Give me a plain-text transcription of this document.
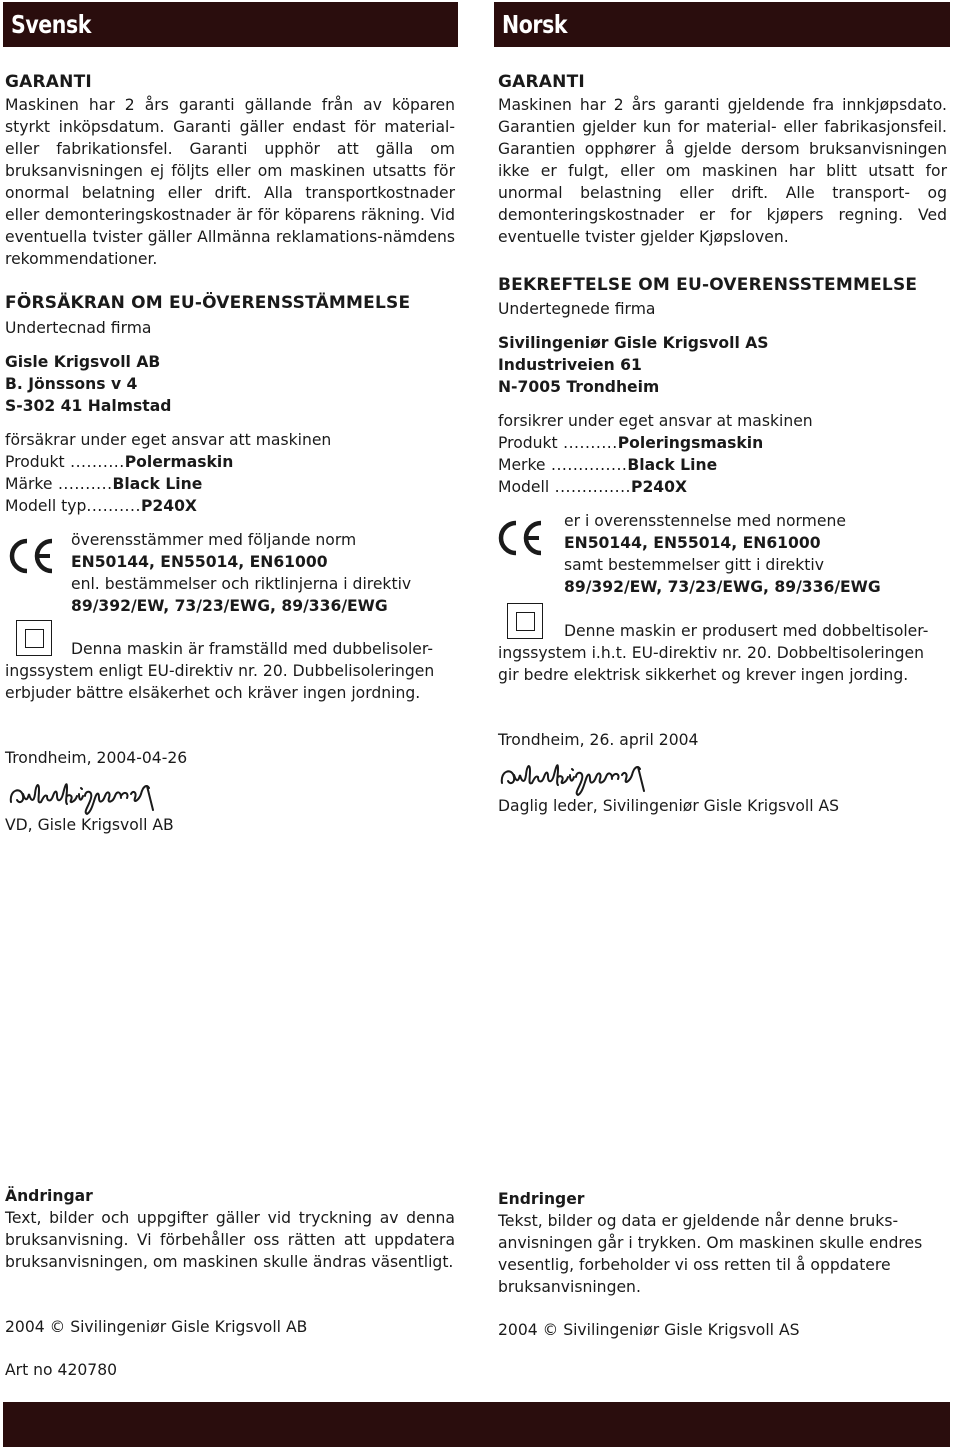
Svensk	Norsk
GARANTI
Maskinen har 2 års garanti gällande från av köparen styrkt inköpsdatum. Garanti gäller endast för material- eller fabrikationsfel. Garanti upphör att gälla om bruksanvisningen ej följts eller om maskinen utsatts för onormal belatning eller drift. Alla transportkostnader eller demonteringskostnader är för köparens räkning. Vid eventuella tvister gäller Allmänna reklamations-nämdens rekommendationer.
FÖRSÄKRAN OM EU-ÖVERENSSTÄMMELSE
Undertecnad firma
Gisle Krigsvoll AB
B. Jönssons v 4
S-302 41 Halmstad
försäkrar under eget ansvar att maskinen
Produkt ..........Polermaskin
Märke ..........Black Line
Modell typ..........P240X
överensstämmer med följande norm
EN50144, EN55014, EN61000
enl. bestämmelser och riktlinjerna i direktiv
89/392/EW, 73/23/EWG, 89/336/EWG
Denna maskin är framställd med dubbelisoler-ingssystem enligt EU-direktiv nr. 20. Dubbelisoleringen erbjuder bättre elsäkerhet och kräver ingen jordning.
Trondheim, 2004-04-26
VD, Gisle Krigsvoll AB
Ändringar
Text, bilder och uppgifter gäller vid tryckning av denna bruksanvisning. Vi förbehåller oss rätten att uppdatera bruksanvisningen, om maskinen skulle ändras väsentligt.
2004 © Sivilingeniør Gisle Krigsvoll AB
Art no 420780
GARANTI
Maskinen har 2 års garanti gjeldende fra innkjøpsdato. Garantien gjelder kun for material- eller fabrikasjonsfeil. Garantien opphører å gjelde dersom bruksanvisningen ikke er fulgt, eller om maskinen har blitt utsatt for unormal belastning eller drift. Alle transport- og demonteringskostnader er for kjøpers regning. Ved eventuelle tvister gjelder Kjøpsloven.
BEKREFTELSE OM EU-OVERENSSTEMMELSE
Undertegnede firma
Sivilingeniør Gisle Krigsvoll AS
Industriveien 61
N-7005 Trondheim
forsikrer under eget ansvar at maskinen
Produkt ..........Poleringsmaskin
Merke ..............Black Line
Modell ..............P240X
er i overensstennelse med normene
EN50144, EN55014, EN61000
samt bestemmelser gitt i direktiv
89/392/EW, 73/23/EWG, 89/336/EWG
Denne maskin er produsert med dobbeltisoler-ingssystem i.h.t. EU-direktiv nr. 20. Dobbeltisoleringen gir bedre elektrisk sikkerhet og krever ingen jording.
Trondheim, 26. april 2004
Daglig leder, Sivilingeniør Gisle Krigsvoll AS
Endringer
Tekst, bilder og data er gjeldende når denne bruks-anvisningen går i trykken. Om maskinen skulle endres vesentlig, forbeholder vi oss retten til å oppdatere bruksanvisningen.
2004 © Sivilingeniør Gisle Krigsvoll AS
